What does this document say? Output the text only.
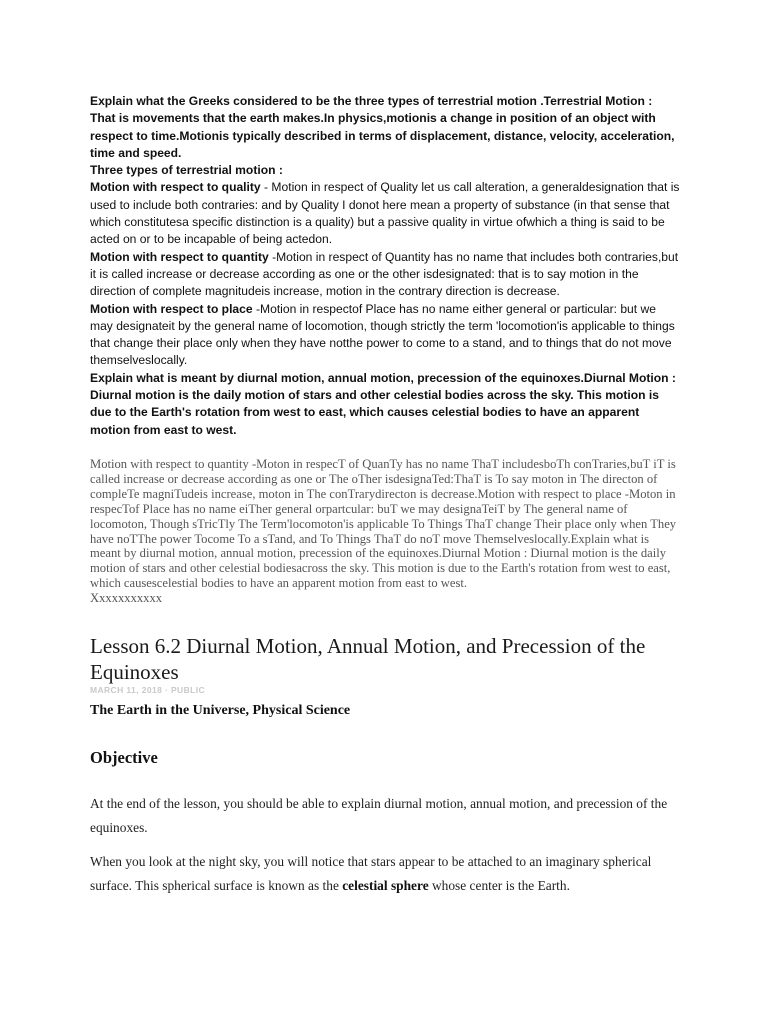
Explain what the Greeks considered to be the three types of terrestrial motion .Terrestrial Motion : That is movements that the earth makes.In physics,motionis a change in position of an object with respect to time.Motionis typically described in terms of displacement, distance, velocity, acceleration, time and speed.

Three types of terrestrial motion :

Motion with respect to quality - Motion in respect of Quality let us call alteration, a generaldesignation that is used to include both contraries: and by Quality I donot here mean a property of substance (in that sense that which constitutesa specific distinction is a quality) but a passive quality in virtue ofwhich a thing is said to be acted on or to be incapable of being actedon.

Motion with respect to quantity -Motion in respect of Quantity has no name that includes both contraries,but it is called increase or decrease according as one or the other isdesignated: that is to say motion in the direction of complete magnitudeis increase, motion in the contrary direction is decrease.

Motion with respect to place -Motion in respectof Place has no name either general or particular: but we may designateit by the general name of locomotion, though strictly the term 'locomotion'is applicable to things that change their place only when they have notthe power to come to a stand, and to things that do not move themselveslocally.

Explain what is meant by diurnal motion, annual motion, precession of the equinoxes.Diurnal Motion : Diurnal motion is the daily motion of stars and other celestial bodies across the sky. This motion is due to the Earth's rotation from west to east, which causes celestial bodies to have an apparent motion from east to west.

Motion with respect to quantity -Moton in respecT of QuanTy has no name ThaT includesboTh conTraries,buT iT is called increase or decrease according as one or The oTher isdesignaTed:ThaT is To say moton in The directon of compleTe magniTudeis increase, moton in The conTrarydirecton is decrease.Motion with respect to place -Moton in respecTof Place has no name eiTher general orpartcular: buT we may designaTeiT by The general name of locomoton, Though sTricTly The Term'locomoton'is applicable To Things ThaT change Their place only when They have noTThe power Tocome To a sTand, and To Things ThaT do noT move Themselveslocally.Explain what is meant by diurnal motion, annual motion, precession of the equinoxes.Diurnal Motion : Diurnal motion is the daily motion of stars and other celestial bodiesacross the sky. This motion is due to the Earth's rotation from west to east, which causescelestial bodies to have an apparent motion from east to west.

Xxxxxxxxxxx

Lesson 6.2 Diurnal Motion, Annual Motion, and Precession of the Equinoxes
MARCH 11, 2018 · PUBLIC
The Earth in the Universe, Physical Science
Objective

At the end of the lesson, you should be able to explain diurnal motion, annual motion, and precession of the equinoxes.

When you look at the night sky, you will notice that stars appear to be attached to an imaginary spherical surface. This spherical surface is known as the celestial sphere whose center is the Earth.
